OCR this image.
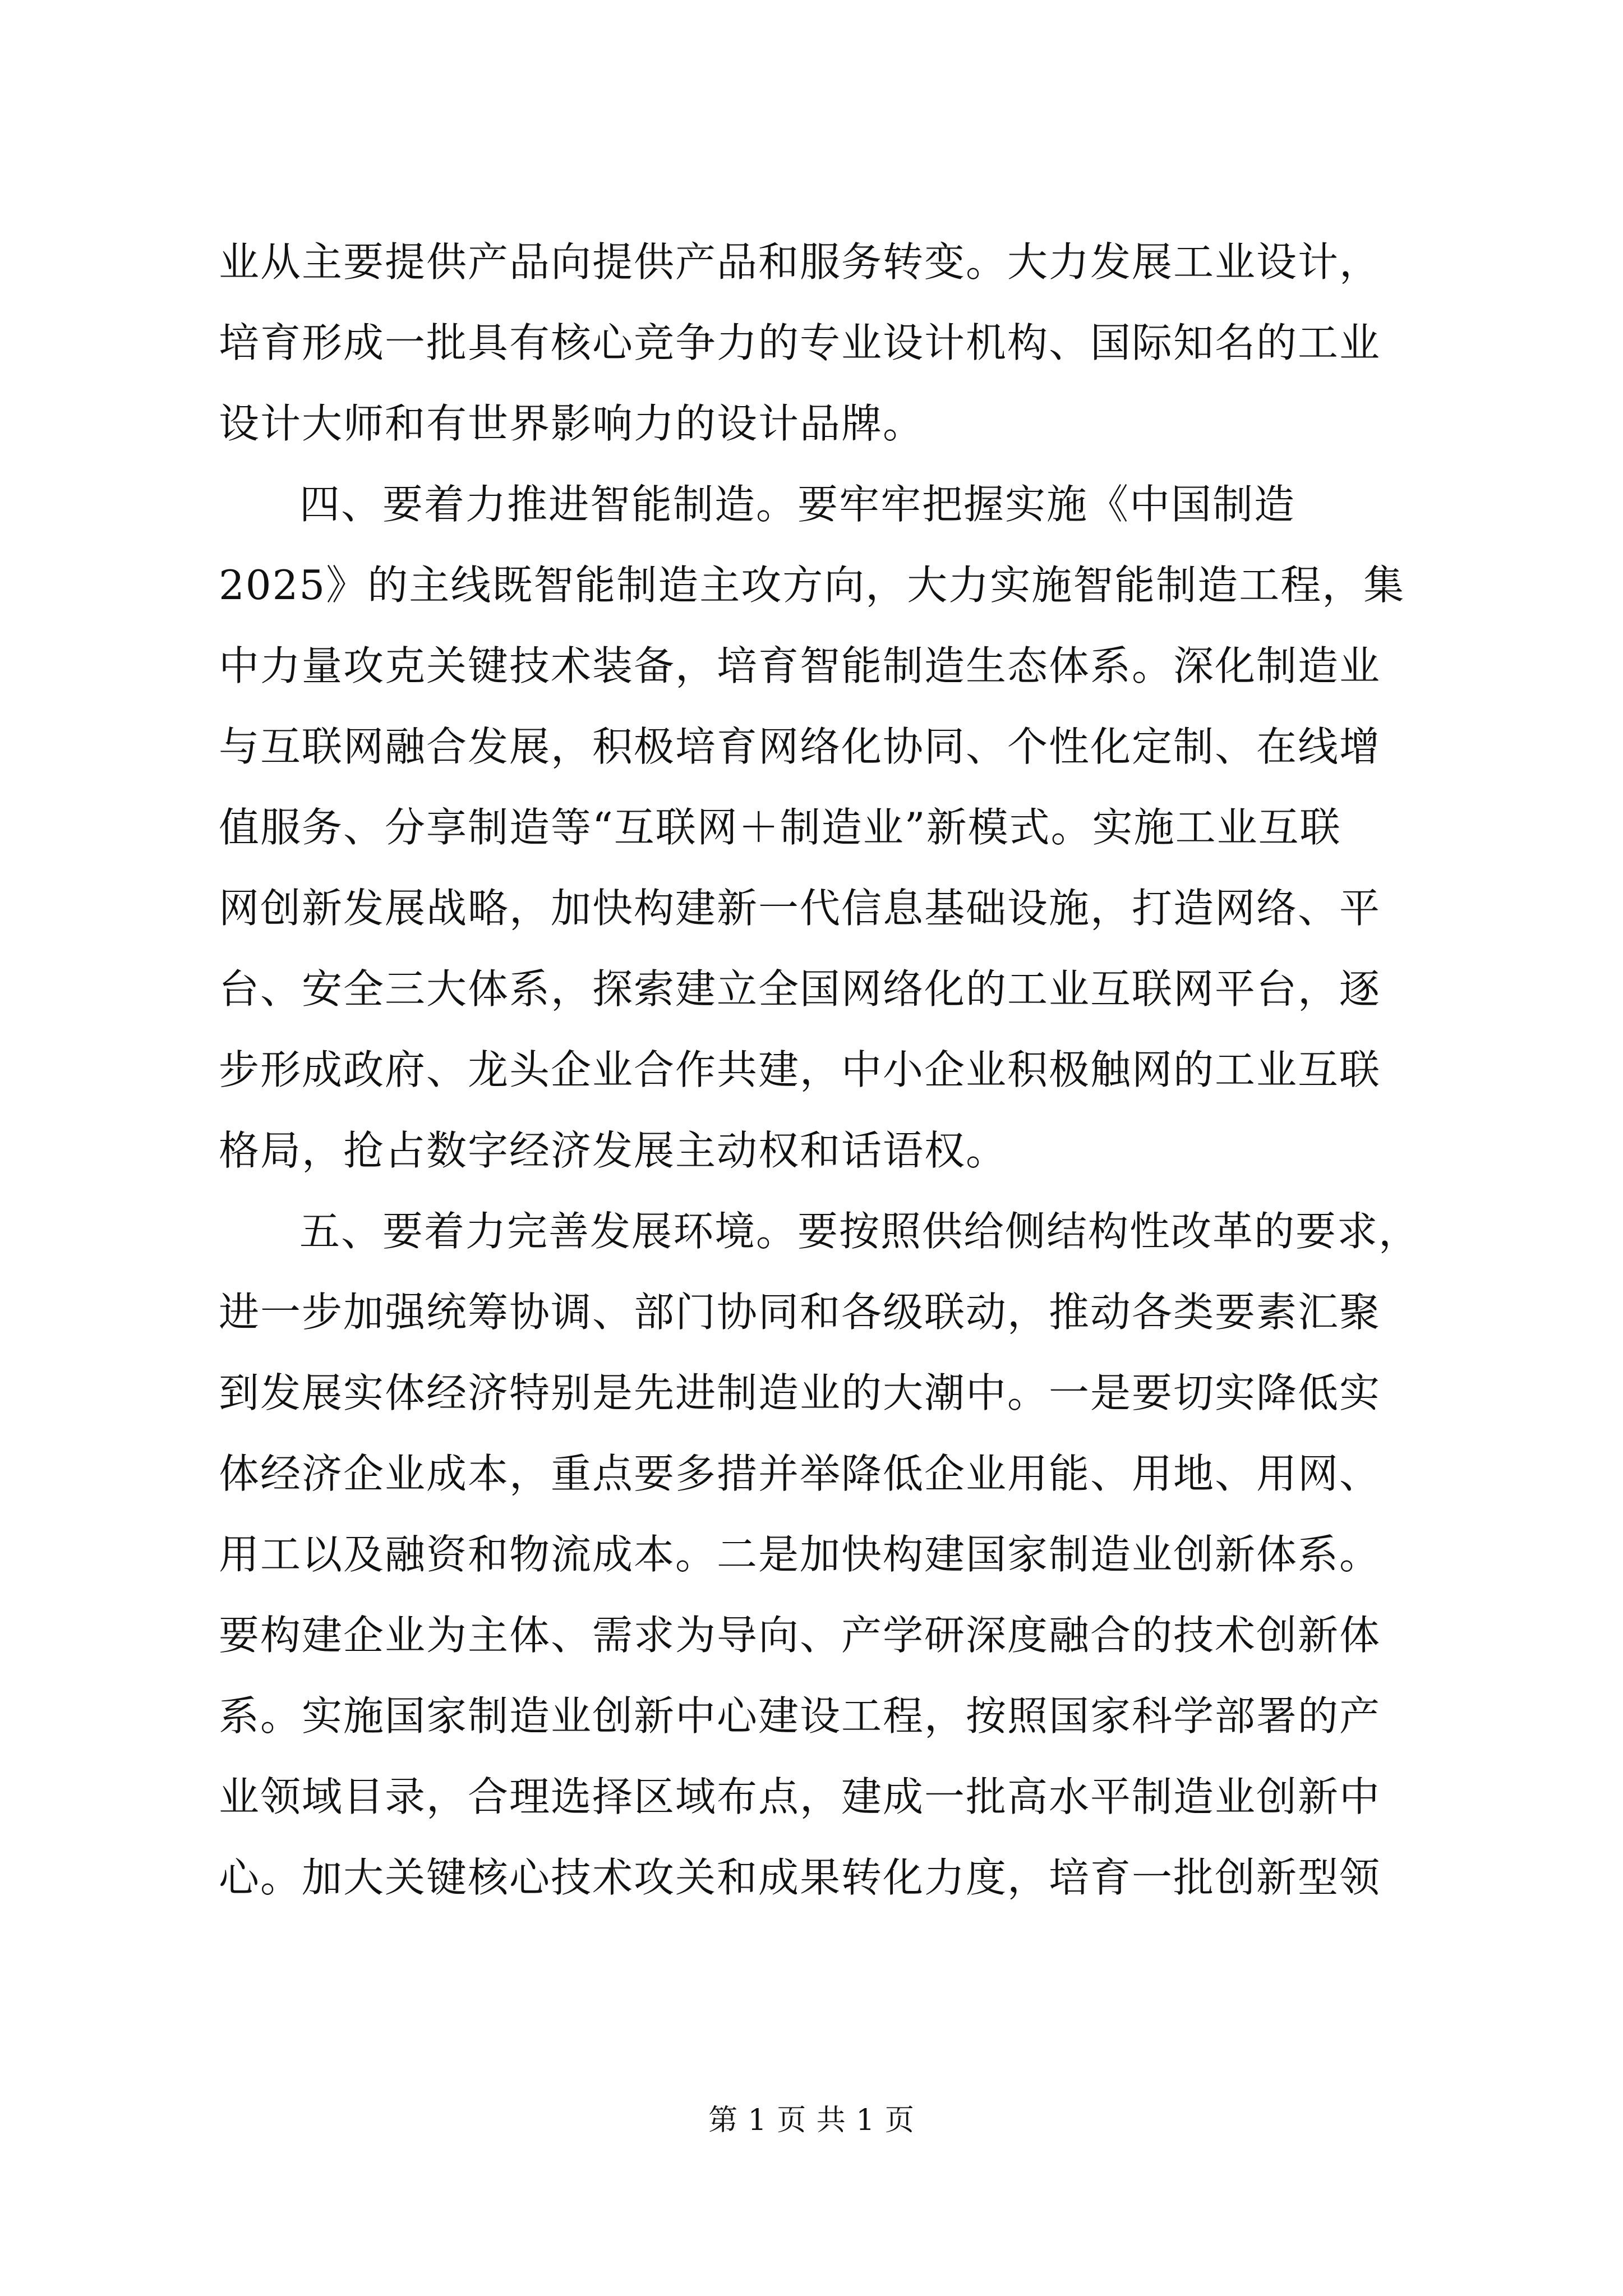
业从主要提供产品向提供产品和服务转变。大力发展工业设计，

培育形成一批具有核心竞争力的专业设计机构、国际知名的工业

设计大师和有世界影响力的设计品牌。

四、要着力推进智能制造。要牢牢把握实施《中国制造

2025》的主线既智能制造主攻方向，大力实施智能制造工程，集

中力量攻克关键技术装备，培育智能制造生态体系。深化制造业

与互联网融合发展，积极培育网络化协同、个性化定制、在线增

值服务、分享制造等“互联网＋制造业”新模式。实施工业互联

网创新发展战略，加快构建新一代信息基础设施，打造网络、平

台、安全三大体系，探索建立全国网络化的工业互联网平台，逐

步形成政府、龙头企业合作共建，中小企业积极触网的工业互联

格局，抢占数字经济发展主动权和话语权。

五、要着力完善发展环境。要按照供给侧结构性改革的要求，

进一步加强统筹协调、部门协同和各级联动，推动各类要素汇聚

到发展实体经济特别是先进制造业的大潮中。一是要切实降低实

体经济企业成本，重点要多措并举降低企业用能、用地、用网、

用工以及融资和物流成本。二是加快构建国家制造业创新体系。

要构建企业为主体、需求为导向、产学研深度融合的技术创新体

系。实施国家制造业创新中心建设工程，按照国家科学部署的产

业领域目录，合理选择区域布点，建成一批高水平制造业创新中

心。加大关键核心技术攻关和成果转化力度，培育一批创新型领

第 1 页 共 1 页
